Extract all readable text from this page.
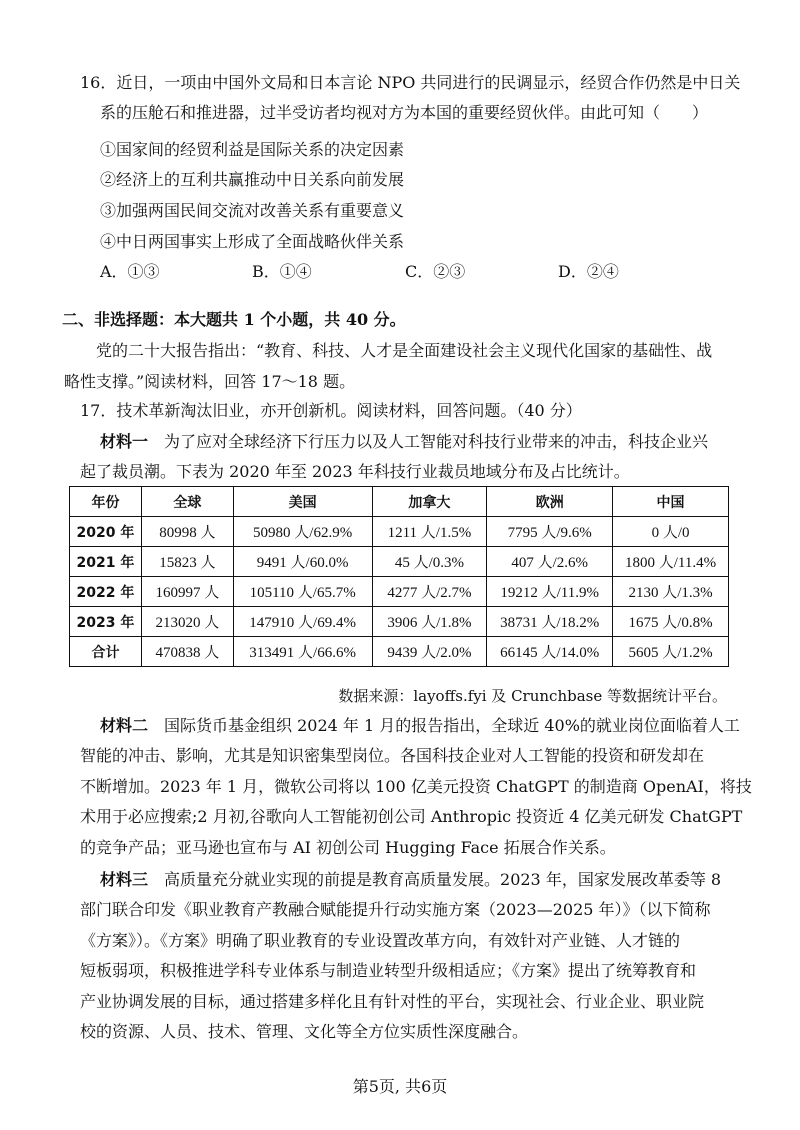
16．近日，一项由中国外文局和日本言论 NPO 共同进行的民调显示，经贸合作仍然是中日关
系的压舱石和推进器，过半受访者均视对方为本国的重要经贸伙伴。由此可知（　　）
①国家间的经贸利益是国际关系的决定因素
②经济上的互利共赢推动中日关系向前发展
③加强两国民间交流对改善关系有重要意义
④中日两国事实上形成了全面战略伙伴关系
A．①③	B．①④	C．②③	D．②④
二、非选择题：本大题共 1 个小题，共 40 分。
党的二十大报告指出：“教育、科技、人才是全面建设社会主义现代化国家的基础性、战
略性支撑。”阅读材料，回答 17～18 题。
17．技术革新淘汰旧业，亦开创新机。阅读材料，回答问题。（40 分）
材料一　为了应对全球经济下行压力以及人工智能对科技行业带来的冲击，科技企业兴
起了裁员潮。下表为 2020 年至 2023 年科技行业裁员地域分布及占比统计。
年份	全球	美国	加拿大	欧洲	中国
2020 年	80998 人	50980 人/62.9%	1211 人/1.5%	7795 人/9.6%	0 人/0
2021 年	15823 人	9491 人/60.0%	45 人/0.3%	407 人/2.6%	1800 人/11.4%
2022 年	160997 人	105110 人/65.7%	4277 人/2.7%	19212 人/11.9%	2130 人/1.3%
2023 年	213020 人	147910 人/69.4%	3906 人/1.8%	38731 人/18.2%	1675 人/0.8%
合计	470838 人	313491 人/66.6%	9439 人/2.0%	66145 人/14.0%	5605 人/1.2%
数据来源：layoffs.fyi 及 Crunchbase 等数据统计平台。
材料二　国际货币基金组织 2024 年 1 月的报告指出，全球近 40%的就业岗位面临着人工
智能的冲击、影响，尤其是知识密集型岗位。各国科技企业对人工智能的投资和研发却在
不断增加。2023 年 1 月，微软公司将以 100 亿美元投资 ChatGPT 的制造商 OpenAI，将技
术用于必应搜索;2 月初,谷歌向人工智能初创公司 Anthropic 投资近 4 亿美元研发 ChatGPT
的竞争产品；亚马逊也宣布与 AI 初创公司 Hugging Face 拓展合作关系。
材料三　高质量充分就业实现的前提是教育高质量发展。2023 年，国家发展改革委等 8
部门联合印发《职业教育产教融合赋能提升行动实施方案（2023—2025 年）》（以下简称
《方案》）。《方案》明确了职业教育的专业设置改革方向，有效针对产业链、人才链的
短板弱项，积极推进学科专业体系与制造业转型升级相适应；《方案》提出了统筹教育和
产业协调发展的目标，通过搭建多样化且有针对性的平台，实现社会、行业企业、职业院
校的资源、人员、技术、管理、文化等全方位实质性深度融合。
第5页, 共6页
